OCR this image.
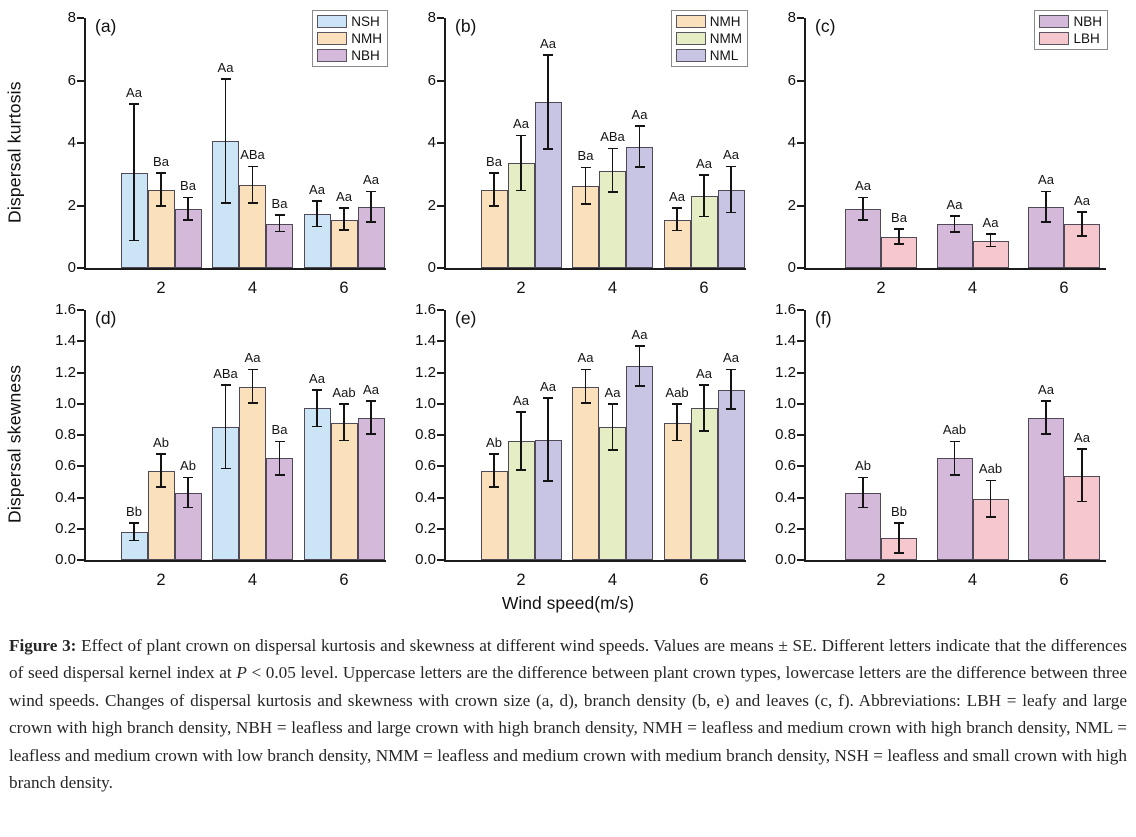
Dispersal kurtosis
(a)
0
2
4
6
8
2
Aa
Ba
Ba
4
Aa
ABa
Ba
6
Aa Aa
Aa
NSH
NMH
NBH
(b)
0
2
4
6
8
2
Ba
Aa
Aa
4
Ba
ABa
Aa
6
Aa
Aa
Aa
NMH
NMM
NML
(c)
0
2
4
6
8
2
Aa
Ba
4
Aa
Aa
6
Aa
Aa
NBH
LBH
Dispersal skewness
(d)
0.0
0.2
0.4
0.6
0.8
1.0
1.2
1.4
1.6
2
Bb
Ab
Ab
4
ABa
Aa
Ba
6
Aa
Aab Aa
(e)
0.0
0.2
0.4
0.6
0.8
1.0
1.2
1.4
1.6
2
Ab
Aa
Aa
4
Aa
Aa
Aa
6
Aab
Aa
Aa
(f)
0.0
0.2
0.4
0.6
0.8
1.0
1.2
1.4
1.6
2
Ab
Bb
4
Aab
Aab
6
Aa
Aa
Wind speed(m/s)
Figure 3: Effect of plant crown on dispersal kurtosis and skewness at different wind speeds. Values are means ± SE. Different letters indicate that the differences of seed dispersal kernel index at P < 0.05 level. Uppercase letters are the difference between plant crown types, lowercase letters are the difference between three wind speeds. Changes of dispersal kurtosis and skewness with crown size (a, d), branch density (b, e) and leaves (c, f). Abbreviations: LBH = leafy and large crown with high branch density, NBH = leafless and large crown with high branch density, NMH = leafless and medium crown with high branch density, NML = leafless and medium crown with low branch density, NMM = leafless and medium crown with medium branch density, NSH = leafless and small crown with high branch density.
